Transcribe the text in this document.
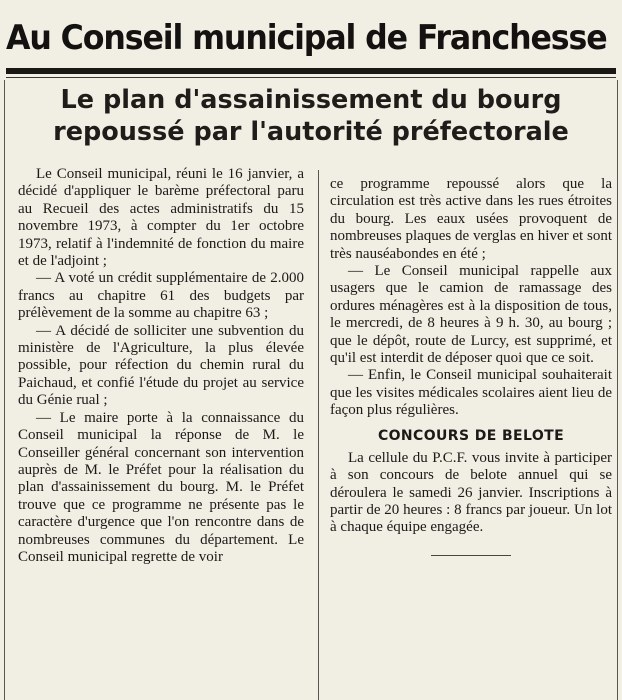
Au Conseil municipal de Franchesse
Le plan d'assainissement du bourg
repoussé par l'autorité préfectorale

Le Conseil municipal, réuni le 16 janvier, a décidé d'appliquer le barème préfectoral paru au Recueil des actes administratifs du 15 novembre 1973, à compter du 1er octobre 1973, relatif à l'indemnité de fonction du maire et de l'adjoint ;

— A voté un crédit supplémentaire de 2.000 francs au chapitre 61 des budgets par prélèvement de la somme au chapitre 63 ;

— A décidé de solliciter une subvention du ministère de l'Agriculture, la plus élevée possible, pour réfection du chemin rural du Paichaud, et confié l'étude du projet au service du Génie rual ;

— Le maire porte à la connaissance du Conseil municipal la réponse de M. le Conseiller général concernant son intervention auprès de M. le Préfet pour la réalisation du plan d'assainissement du bourg. M. le Préfet trouve que ce programme ne présente pas le caractère d'urgence que l'on rencontre dans de nombreuses communes du département. Le Conseil municipal regrette de voir

ce programme repoussé alors que la circulation est très active dans les rues étroites du bourg. Les eaux usées provoquent de nombreuses plaques de verglas en hiver et sont très nauséabondes en été ;

— Le Conseil municipal rappelle aux usagers que le camion de ramassage des ordures ménagères est à la disposition de tous, le mercredi, de 8 heures à 9 h. 30, au bourg ; que le dépôt, route de Lurcy, est supprimé, et qu'il est interdit de déposer quoi que ce soit.

— Enfin, le Conseil municipal souhaiterait que les visites médicales scolaires aient lieu de façon plus régulières.

CONCOURS DE BELOTE

La cellule du P.C.F. vous invite à participer à son concours de belote annuel qui se déroulera le samedi 26 janvier. Inscriptions à partir de 20 heures : 8 francs par joueur. Un lot à chaque équipe engagée.
